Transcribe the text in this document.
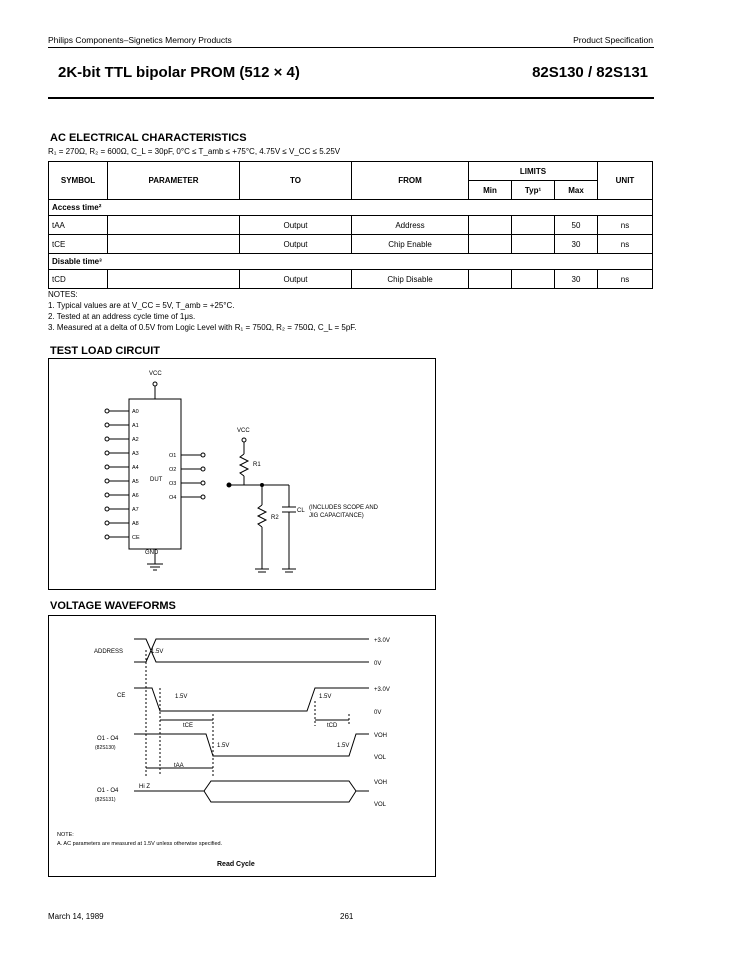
Philips Components–Signetics Memory Products	Product Specification
2K-bit TTL bipolar PROM (512 × 4)	82S130 / 82S131
AC ELECTRICAL CHARACTERISTICS
R₁ = 270Ω, R₂ = 600Ω, C_L = 30pF, 0°C ≤ T_amb ≤ +75°C, 4.75V ≤ V_CC ≤ 5.25V
SYMBOL	PARAMETER	TO	FROM	LIMITS			UNIT
				Min	Typ¹	Max	
Access time²							
tAA		Output	Address			50	ns
tCE		Output	Chip Enable			30	ns
Disable time³							
tCD		Output	Chip Disable			30	ns
NOTES:
1. Typical values are at V_CC = 5V, T_amb = +25°C.
2. Tested at an address cycle time of 1μs.
3. Measured at a delta of 0.5V from Logic Level with R₁ = 750Ω, R₂ = 750Ω, C_L = 5pF.
TEST LOAD CIRCUIT
VCC
GND
DUT
VCC
R1
R2
CL (INCLUDES SCOPE AND
JIG CAPACITANCE)
A0
A1
A2
A3
A4
A5
A6
A7
A8
CE
O1
O2
O3
O4
VOLTAGE WAVEFORMS
ADDRESS	1.5V
+3.0V
0V
CE	1.5V	1.5V
+3.0V
0V
tCE	tCD
O1 - O4
(82S130)	1.5V	1.5V
VOH
VOL
tAA
O1 - O4
(82S131)
Hi Z
VOH
VOL
NOTE:
A. AC parameters are measured at 1.5V unless otherwise specified.
Read Cycle
March 14, 1989	261
